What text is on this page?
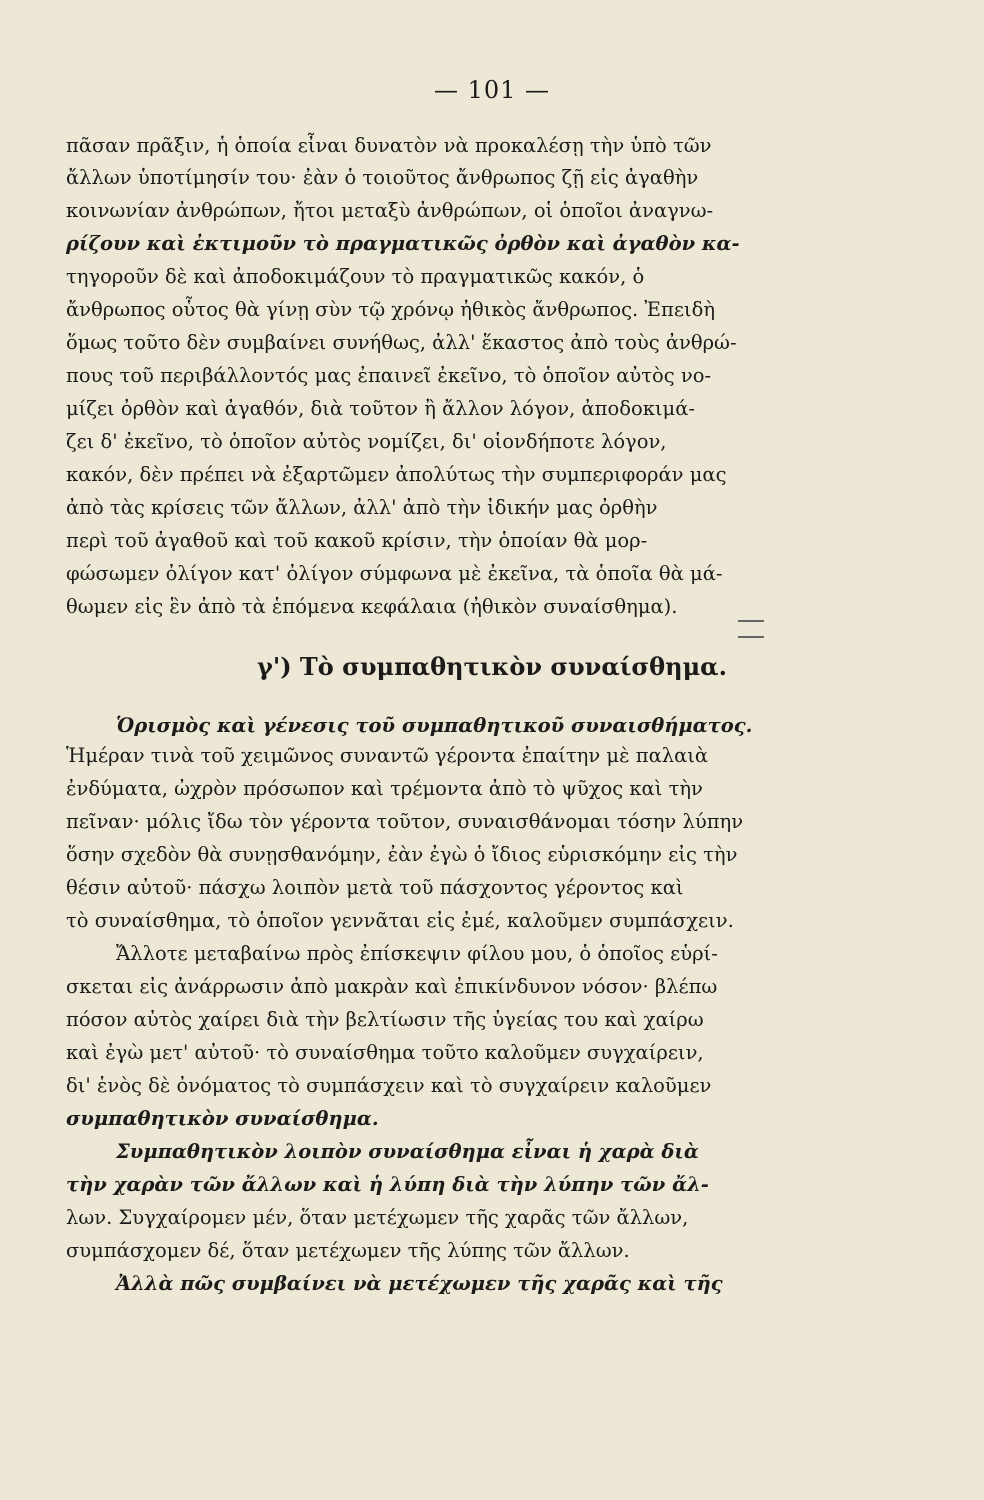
— 101 —
πᾶσαν πρᾶξιν, ἡ ὁποία εἶναι δυνατὸν νὰ προκαλέσῃ τὴν ὑπὸ τῶν
ἄλλων ὑποτίμησίν του· ἐὰν ὁ τοιοῦτος ἄνθρωπος ζῇ εἰς ἀγαθὴν
κοινωνίαν ἀνθρώπων, ἤτοι μεταξὺ ἀνθρώπων, οἱ ὁποῖοι ἀναγνω-
ρίζουν καὶ ἐκτιμοῦν τὸ πραγματικῶς ὀρθὸν καὶ ἀγαθὸν κα-
τηγοροῦν δὲ καὶ ἀποδοκιμάζουν τὸ πραγματικῶς κακόν, ὁ
ἄνθρωπος οὗτος θὰ γίνῃ σὺν τῷ χρόνῳ ἠθικὸς ἄνθρωπος. Ἐπειδὴ
ὅμως τοῦτο δὲν συμβαίνει συνήθως, ἀλλ' ἕκαστος ἀπὸ τοὺς ἀνθρώ-
πους τοῦ περιβάλλοντός μας ἐπαινεῖ ἐκεῖνο, τὸ ὁποῖον αὐτὸς νο-
μίζει ὀρθὸν καὶ ἀγαθόν, διὰ τοῦτον ἢ ἄλλον λόγον, ἀποδοκιμά-
ζει δ' ἐκεῖνο, τὸ ὁποῖον αὐτὸς νομίζει, δι' οἱονδήποτε λόγον,
κακόν, δὲν πρέπει νὰ ἐξαρτῶμεν ἀπολύτως τὴν συμπεριφοράν μας
ἀπὸ τὰς κρίσεις τῶν ἄλλων, ἀλλ' ἀπὸ τὴν ἰδικήν μας ὀρθὴν
περὶ τοῦ ἀγαθοῦ καὶ τοῦ κακοῦ κρίσιν, τὴν ὁποίαν θὰ μορ-
φώσωμεν ὀλίγον κατ' ὀλίγον σύμφωνα μὲ ἐκεῖνα, τὰ ὁποῖα θὰ μά-
θωμεν εἰς ἓν ἀπὸ τὰ ἑπόμενα κεφάλαια (ἠθικὸν συναίσθημα).
γ') Τὸ συμπαθητικὸν συναίσθημα.
Ὁρισμὸς καὶ γένεσις τοῦ συμπαθητικοῦ συναισθήματος.
Ἡμέραν τινὰ τοῦ χειμῶνος συναντῶ γέροντα ἐπαίτην μὲ παλαιὰ
ἐνδύματα, ὠχρὸν πρόσωπον καὶ τρέμοντα ἀπὸ τὸ ψῦχος καὶ τὴν
πεῖναν· μόλις ἴδω τὸν γέροντα τοῦτον, συναισθάνομαι τόσην λύπην
ὅσην σχεδὸν θὰ συνῃσθανόμην, ἐὰν ἐγὼ ὁ ἴδιος εὑρισκόμην εἰς τὴν
θέσιν αὐτοῦ· πάσχω λοιπὸν μετὰ τοῦ πάσχοντος γέροντος καὶ
τὸ συναίσθημα, τὸ ὁποῖον γεννᾶται εἰς ἐμέ, καλοῦμεν συμπάσχειν.
Ἄλλοτε μεταβαίνω πρὸς ἐπίσκεψιν φίλου μου, ὁ ὁποῖος εὑρί-
σκεται εἰς ἀνάρρωσιν ἀπὸ μακρὰν καὶ ἐπικίνδυνον νόσον· βλέπω
πόσον αὐτὸς χαίρει διὰ τὴν βελτίωσιν τῆς ὑγείας του καὶ χαίρω
καὶ ἐγὼ μετ' αὐτοῦ· τὸ συναίσθημα τοῦτο καλοῦμεν συγχαίρειν,
δι' ἑνὸς δὲ ὀνόματος τὸ συμπάσχειν καὶ τὸ συγχαίρειν καλοῦμεν
συμπαθητικὸν συναίσθημα.
Συμπαθητικὸν λοιπὸν συναίσθημα εἶναι ἡ χαρὰ διὰ
τὴν χαρὰν τῶν ἄλλων καὶ ἡ λύπη διὰ τὴν λύπην τῶν ἄλ-
λων. Συγχαίρομεν μέν, ὅταν μετέχωμεν τῆς χαρᾶς τῶν ἄλλων,
συμπάσχομεν δέ, ὅταν μετέχωμεν τῆς λύπης τῶν ἄλλων.
Ἀλλὰ πῶς συμβαίνει νὰ μετέχωμεν τῆς χαρᾶς καὶ τῆς
